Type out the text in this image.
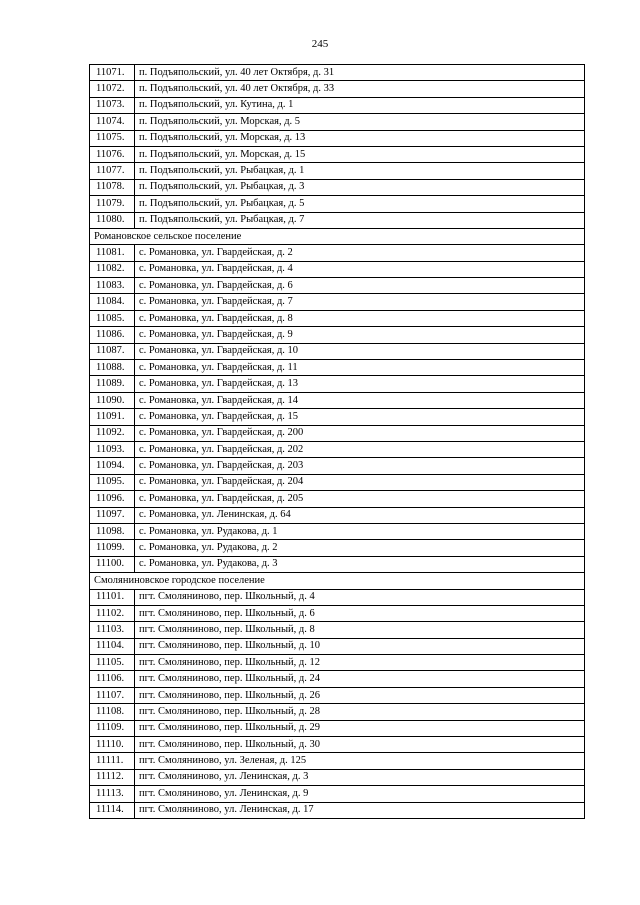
245
11071.	п. Подъяпольский, ул. 40 лет Октября, д. 31
11072.	п. Подъяпольский, ул. 40 лет Октября, д. 33
11073.	п. Подъяпольский, ул. Кутина, д. 1
11074.	п. Подъяпольский, ул. Морская, д. 5
11075.	п. Подъяпольский, ул. Морская, д. 13
11076.	п. Подъяпольский, ул. Морская, д. 15
11077.	п. Подъяпольский, ул. Рыбацкая, д. 1
11078.	п. Подъяпольский, ул. Рыбацкая, д. 3
11079.	п. Подъяпольский, ул. Рыбацкая, д. 5
11080.	п. Подъяпольский, ул. Рыбацкая, д. 7
Романовское сельское поселение	
11081.	с. Романовка, ул. Гвардейская, д. 2
11082.	с. Романовка, ул. Гвардейская, д. 4
11083.	с. Романовка, ул. Гвардейская, д. 6
11084.	с. Романовка, ул. Гвардейская, д. 7
11085.	с. Романовка, ул. Гвардейская, д. 8
11086.	с. Романовка, ул. Гвардейская, д. 9
11087.	с. Романовка, ул. Гвардейская, д. 10
11088.	с. Романовка, ул. Гвардейская, д. 11
11089.	с. Романовка, ул. Гвардейская, д. 13
11090.	с. Романовка, ул. Гвардейская, д. 14
11091.	с. Романовка, ул. Гвардейская, д. 15
11092.	с. Романовка, ул. Гвардейская, д. 200
11093.	с. Романовка, ул. Гвардейская, д. 202
11094.	с. Романовка, ул. Гвардейская, д. 203
11095.	с. Романовка, ул. Гвардейская, д. 204
11096.	с. Романовка, ул. Гвардейская, д. 205
11097.	с. Романовка, ул. Ленинская, д. 64
11098.	с. Романовка, ул. Рудакова, д. 1
11099.	с. Романовка, ул. Рудакова, д. 2
11100.	с. Романовка, ул. Рудакова, д. 3
Смоляниновское городское поселение	
11101.	пгт. Смоляниново, пер. Школьный, д. 4
11102.	пгт. Смоляниново, пер. Школьный, д. 6
11103.	пгт. Смоляниново, пер. Школьный, д. 8
11104.	пгт. Смоляниново, пер. Школьный, д. 10
11105.	пгт. Смоляниново, пер. Школьный, д. 12
11106.	пгт. Смоляниново, пер. Школьный, д. 24
11107.	пгт. Смоляниново, пер. Школьный, д. 26
11108.	пгт. Смоляниново, пер. Школьный, д. 28
11109.	пгт. Смоляниново, пер. Школьный, д. 29
11110.	пгт. Смоляниново, пер. Школьный, д. 30
11111.	пгт. Смоляниново, ул. Зеленая, д. 125
11112.	пгт. Смоляниново, ул. Ленинская, д. 3
11113.	пгт. Смоляниново, ул. Ленинская, д. 9
11114.	пгт. Смоляниново, ул. Ленинская, д. 17
